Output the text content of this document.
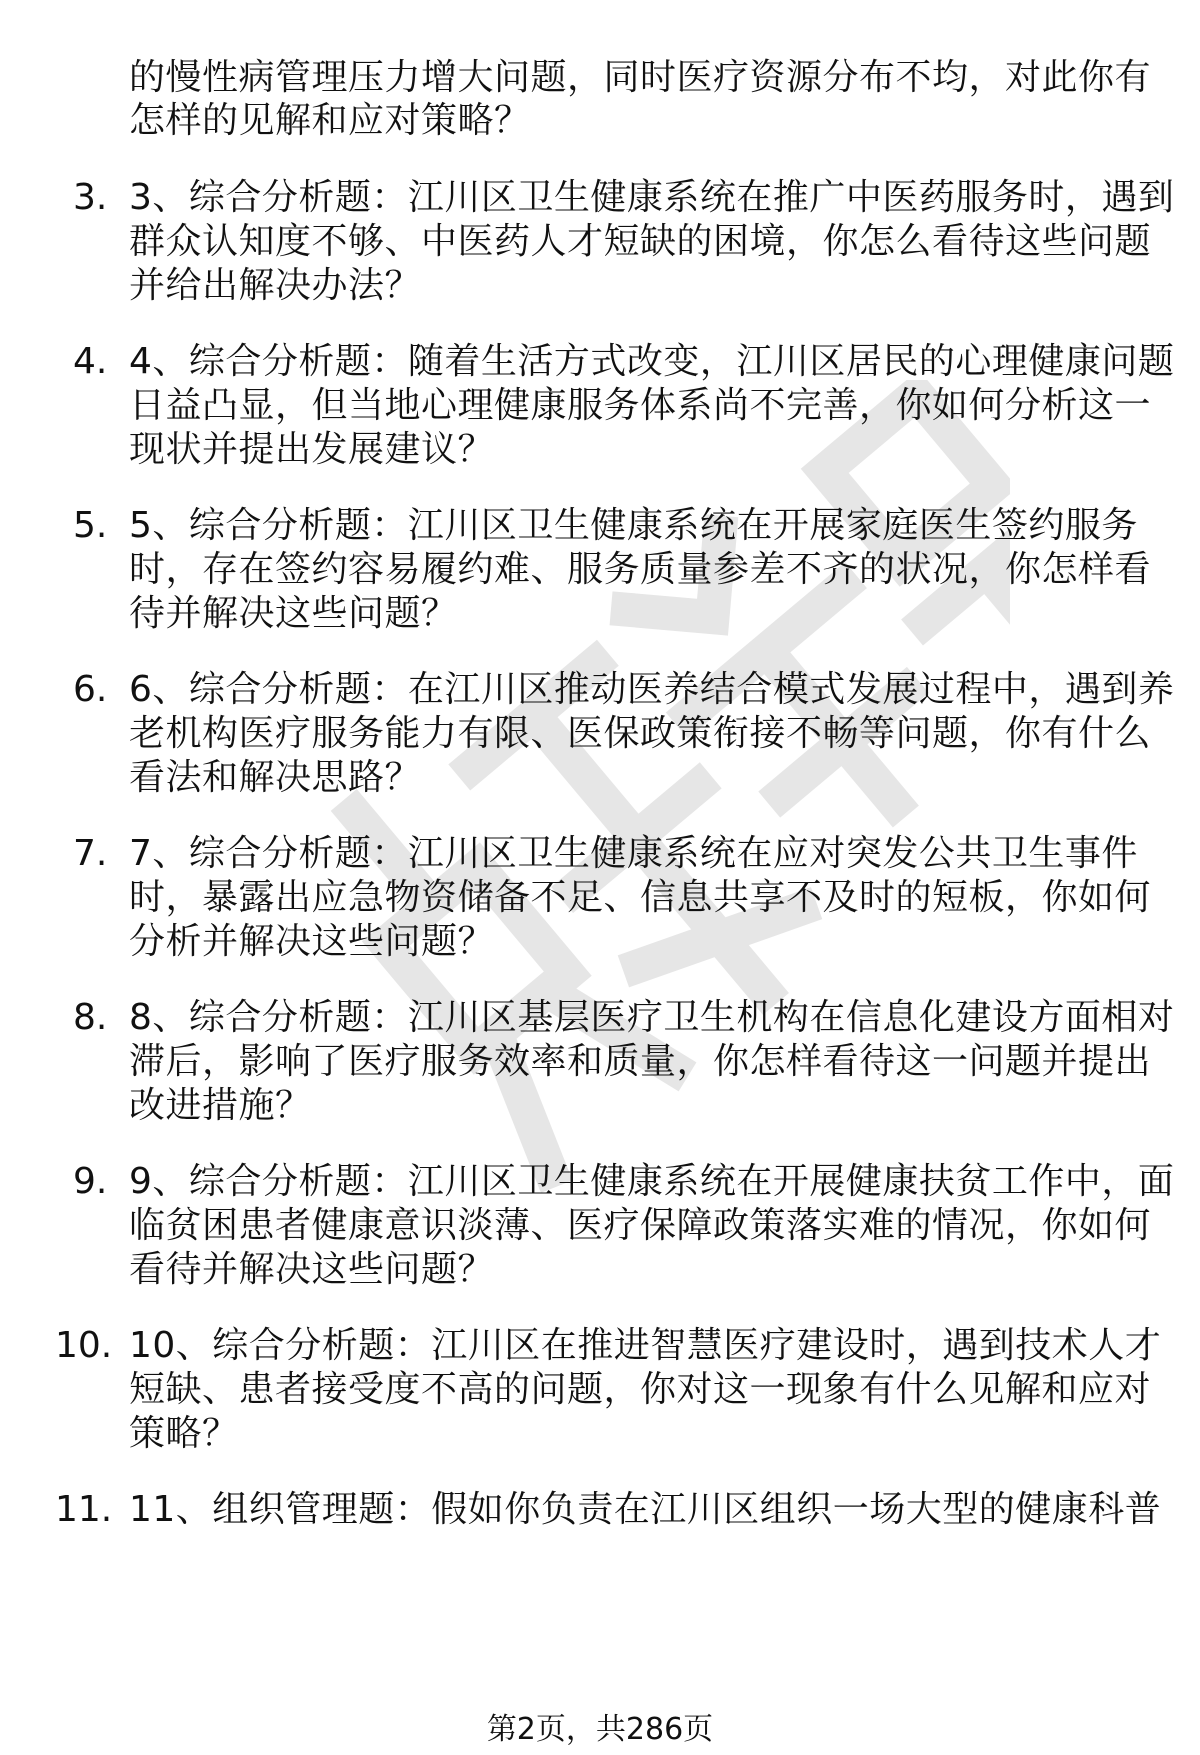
的慢性病管理压力增大问题，同时医疗资源分布不均，对此你有
怎样的见解和应对策略？
3. 3、综合分析题：江川区卫生健康系统在推广中医药服务时，遇到
群众认知度不够、中医药人才短缺的困境，你怎么看待这些问题
并给出解决办法？
4. 4、综合分析题：随着生活方式改变，江川区居民的心理健康问题
日益凸显，但当地心理健康服务体系尚不完善，你如何分析这一
现状并提出发展建议？
5. 5、综合分析题：江川区卫生健康系统在开展家庭医生签约服务
时，存在签约容易履约难、服务质量参差不齐的状况，你怎样看
待并解决这些问题？
6. 6、综合分析题：在江川区推动医养结合模式发展过程中，遇到养
老机构医疗服务能力有限、医保政策衔接不畅等问题，你有什么
看法和解决思路？
7. 7、综合分析题：江川区卫生健康系统在应对突发公共卫生事件
时，暴露出应急物资储备不足、信息共享不及时的短板，你如何
分析并解决这些问题？
8. 8、综合分析题：江川区基层医疗卫生机构在信息化建设方面相对
滞后，影响了医疗服务效率和质量，你怎样看待这一问题并提出
改进措施？
9. 9、综合分析题：江川区卫生健康系统在开展健康扶贫工作中，面
临贫困患者健康意识淡薄、医疗保障政策落实难的情况，你如何
看待并解决这些问题？
10. 10、综合分析题：江川区在推进智慧医疗建设时，遇到技术人才
短缺、患者接受度不高的问题，你对这一现象有什么见解和应对
策略？
11. 11、组织管理题：假如你负责在江川区组织一场大型的健康科普
第2页，共286页
